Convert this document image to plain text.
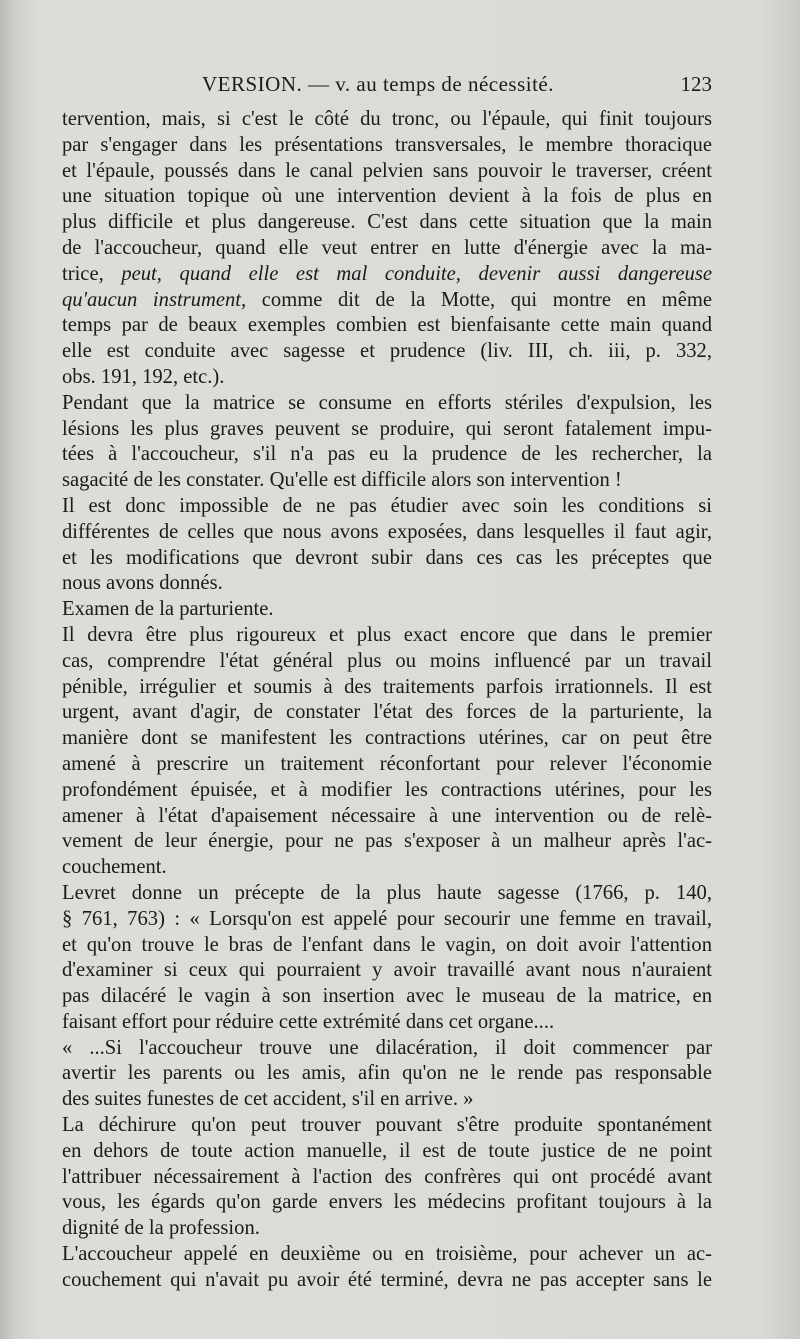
VERSION. — v. au temps de nécessité.	123
tervention, mais, si c'est le côté du tronc, ou l'épaule, qui finit toujours
par s'engager dans les présentations transversales, le membre thoracique
et l'épaule, poussés dans le canal pelvien sans pouvoir le traverser, créent
une situation topique où une intervention devient à la fois de plus en
plus difficile et plus dangereuse. C'est dans cette situation que la main
de l'accoucheur, quand elle veut entrer en lutte d'énergie avec la ma-
trice, peut, quand elle est mal conduite, devenir aussi dangereuse
qu'aucun instrument, comme dit de la Motte, qui montre en même
temps par de beaux exemples combien est bienfaisante cette main quand
elle est conduite avec sagesse et prudence (liv. III, ch. iii, p. 332,
obs. 191, 192, etc.).
Pendant que la matrice se consume en efforts stériles d'expulsion, les
lésions les plus graves peuvent se produire, qui seront fatalement impu-
tées à l'accoucheur, s'il n'a pas eu la prudence de les rechercher, la
sagacité de les constater. Qu'elle est difficile alors son intervention !
Il est donc impossible de ne pas étudier avec soin les conditions si
différentes de celles que nous avons exposées, dans lesquelles il faut agir,
et les modifications que devront subir dans ces cas les préceptes que
nous avons donnés.
Examen de la parturiente.
Il devra être plus rigoureux et plus exact encore que dans le premier
cas, comprendre l'état général plus ou moins influencé par un travail
pénible, irrégulier et soumis à des traitements parfois irrationnels. Il est
urgent, avant d'agir, de constater l'état des forces de la parturiente, la
manière dont se manifestent les contractions utérines, car on peut être
amené à prescrire un traitement réconfortant pour relever l'économie
profondément épuisée, et à modifier les contractions utérines, pour les
amener à l'état d'apaisement nécessaire à une intervention ou de relè-
vement de leur énergie, pour ne pas s'exposer à un malheur après l'ac-
couchement.
Levret donne un précepte de la plus haute sagesse (1766, p. 140,
§ 761, 763) : « Lorsqu'on est appelé pour secourir une femme en travail,
et qu'on trouve le bras de l'enfant dans le vagin, on doit avoir l'attention
d'examiner si ceux qui pourraient y avoir travaillé avant nous n'auraient
pas dilacéré le vagin à son insertion avec le museau de la matrice, en
faisant effort pour réduire cette extrémité dans cet organe....
« ...Si l'accoucheur trouve une dilacération, il doit commencer par
avertir les parents ou les amis, afin qu'on ne le rende pas responsable
des suites funestes de cet accident, s'il en arrive. »
La déchirure qu'on peut trouver pouvant s'être produite spontanément
en dehors de toute action manuelle, il est de toute justice de ne point
l'attribuer nécessairement à l'action des confrères qui ont procédé avant
vous, les égards qu'on garde envers les médecins profitant toujours à la
dignité de la profession.
L'accoucheur appelé en deuxième ou en troisième, pour achever un ac-
couchement qui n'avait pu avoir été terminé, devra ne pas accepter sans le
